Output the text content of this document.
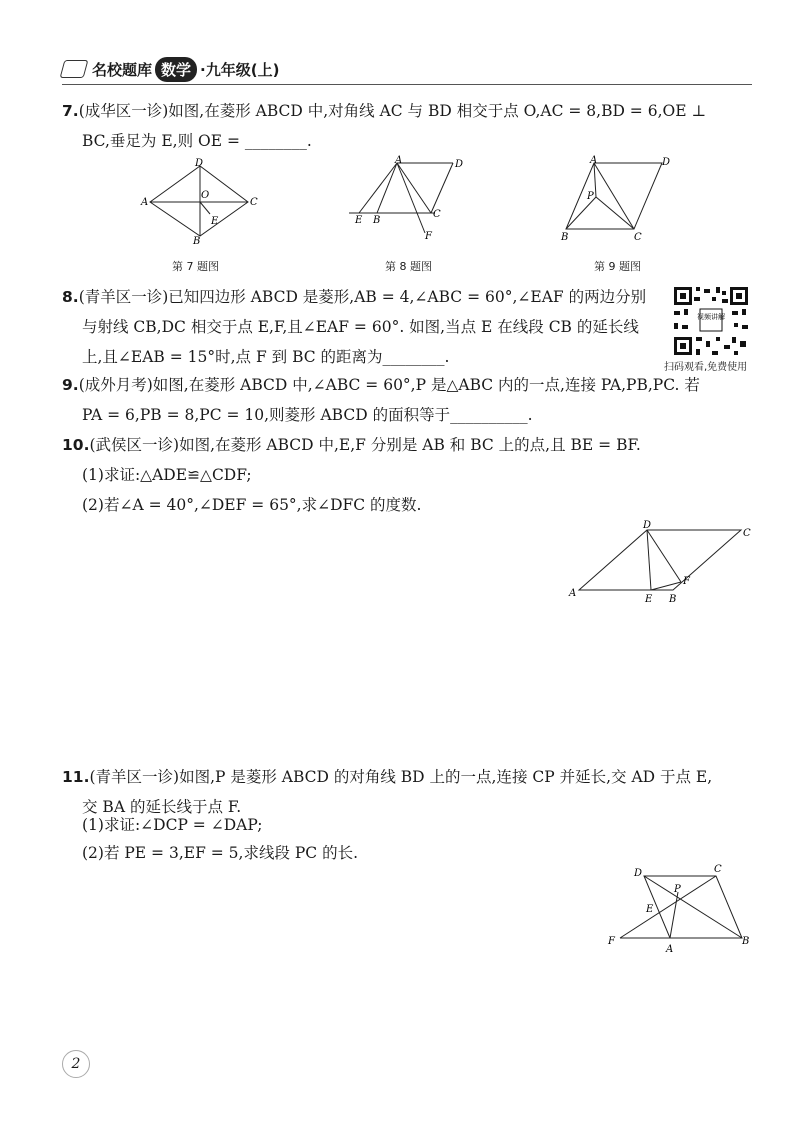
名校题库 数学 ·九年级(上)
7.(成华区一诊)如图,在菱形 ABCD 中,对角线 AC 与 BD 相交于点 O,AC = 8,BD = 6,OE ⊥
BC,垂足为 E,则 OE = ________.
D
A
O
C
B
E
第 7 题图
A	D
E B
C
F
第 8 题图
A	D
P
B	C
第 9 题图
8.(青羊区一诊)已知四边形 ABCD 是菱形,AB = 4,∠ABC = 60°,∠EAF 的两边分别
与射线 CB,DC 相交于点 E,F,且∠EAF = 60°. 如图,当点 E 在线段 CB 的延长线
上,且∠EAB = 15°时,点 F 到 BC 的距离为________.
视频讲解
扫码观看,免费使用
9.(成外月考)如图,在菱形 ABCD 中,∠ABC = 60°,P 是△ABC 内的一点,连接 PA,PB,PC. 若
PA = 6,PB = 8,PC = 10,则菱形 ABCD 的面积等于__________.
10.(武侯区一诊)如图,在菱形 ABCD 中,E,F 分别是 AB 和 BC 上的点,且 BE = BF.
(1)求证:△ADE≌△CDF;
(2)若∠A = 40°,∠DEF = 65°,求∠DFC 的度数.
D
C
A
E B
F
11.(青羊区一诊)如图,P 是菱形 ABCD 的对角线 BD 上的一点,连接 CP 并延长,交 AD 于点 E,
交 BA 的延长线于点 F.
(1)求证:∠DCP = ∠DAP;
(2)若 PE = 3,EF = 5,求线段 PC 的长.
D	C
P
E
F
A
B
2
